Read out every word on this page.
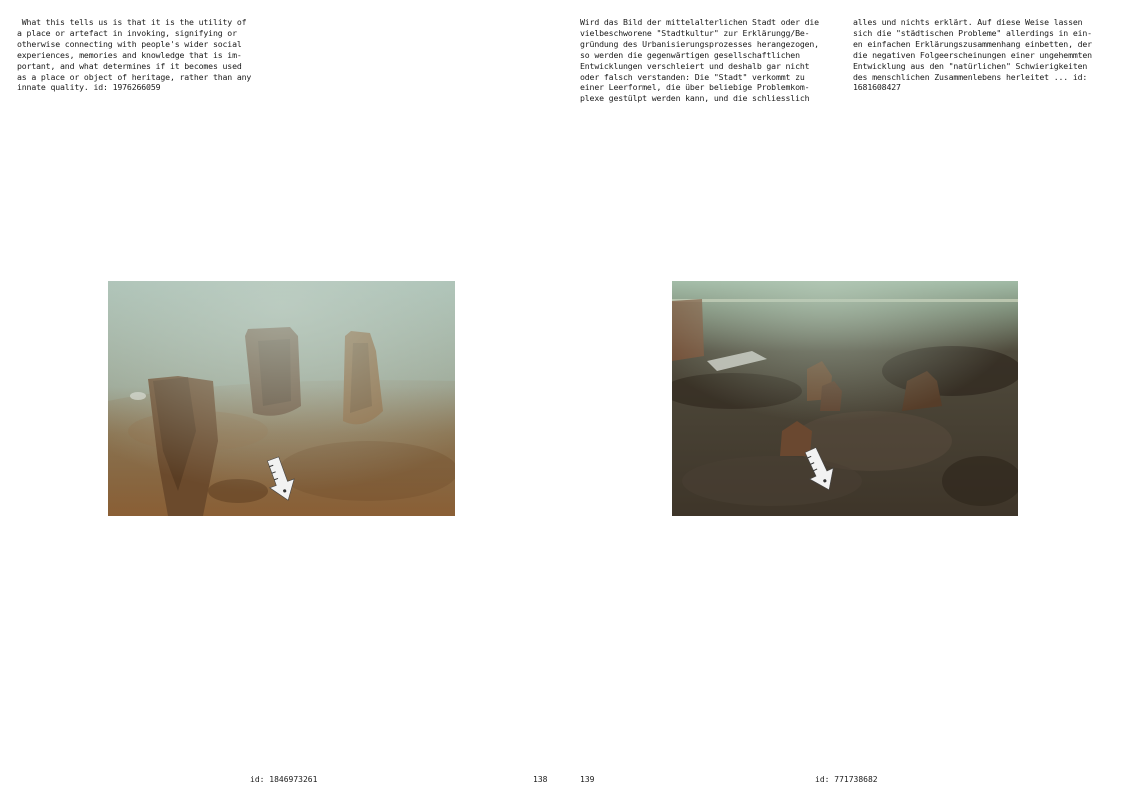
What this tells us is that it is the utility of
a place or artefact in invoking, signifying or
otherwise connecting with people's wider social
experiences, memories and knowledge that is im-
portant, and what determines if it becomes used
as a place or object of heritage, rather than any
innate quality. id: 1976266059
Wird das Bild der mittelalterlichen Stadt oder die
vielbeschworene "Stadtkultur" zur Erklärungg/Be-
gründung des Urbanisierungsprozesses herangezogen,
so werden die gegenwärtigen gesellschaftlichen
Entwicklungen verschleiert und deshalb gar nicht
oder falsch verstanden: Die "Stadt" verkommt zu
einer Leerformel, die über beliebige Problemkom-
plexe gestülpt werden kann, und die schliesslich
alles und nichts erklärt. Auf diese Weise lassen
sich die "städtischen Probleme" allerdings in ein-
en einfachen Erklärungszusammenhang einbetten, der
die negativen Folgeerscheinungen einer ungehemmten
Entwicklung aus den "natürlichen" Schwierigkeiten
des menschlichen Zusammenlebens herleitet ... id:
1681608427
id: 1846973261	138	139	id: 771738682
